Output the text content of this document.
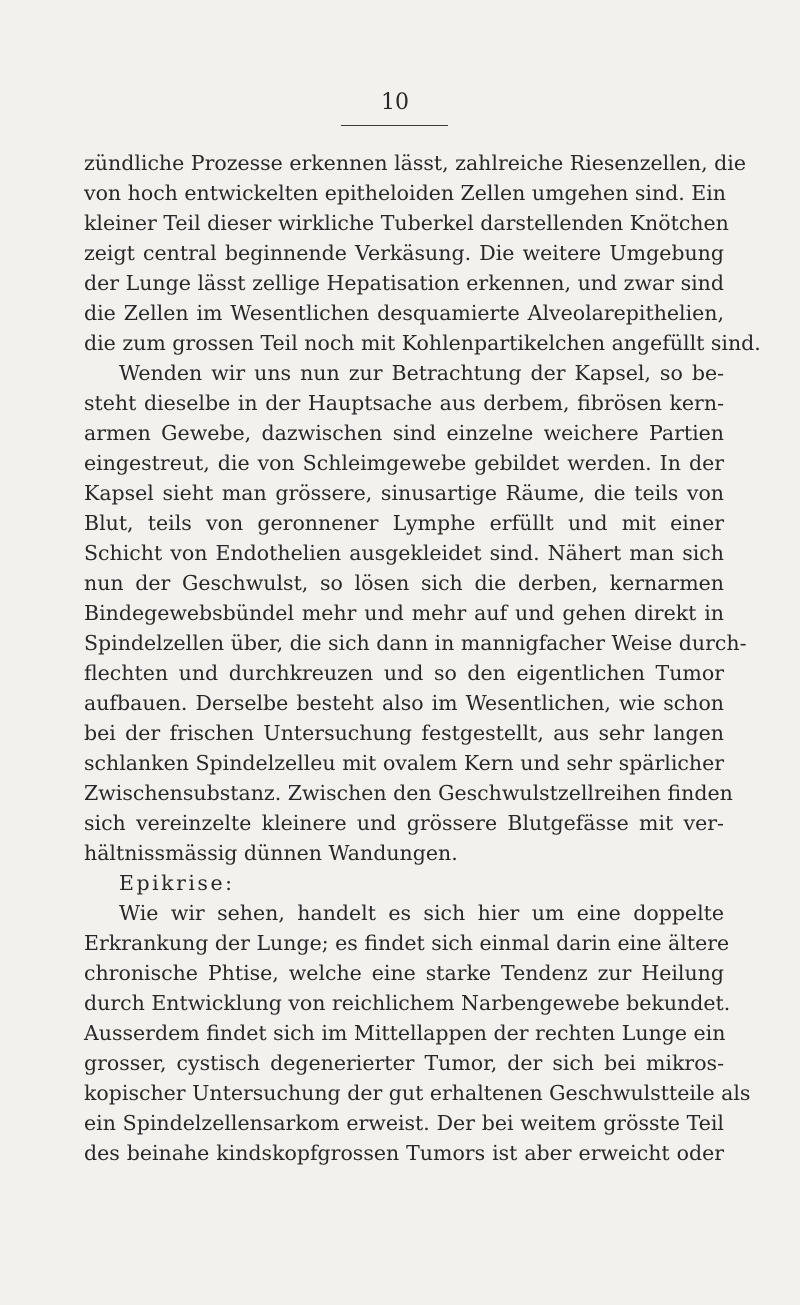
10
zündliche Prozesse erkennen lässt, zahlreiche Riesenzellen, die
von hoch entwickelten epitheloiden Zellen umgehen sind. Ein
kleiner Teil dieser wirkliche Tuberkel darstellenden Knötchen
zeigt central beginnende Verkäsung. Die weitere Umgebung
der Lunge lässt zellige Hepatisation erkennen, und zwar sind
die Zellen im Wesentlichen desquamierte Alveolarepithelien,
die zum grossen Teil noch mit Kohlenpartikelchen angefüllt sind.
Wenden wir uns nun zur Betrachtung der Kapsel, so be-
steht dieselbe in der Hauptsache aus derbem, fibrösen kern-
armen Gewebe, dazwischen sind einzelne weichere Partien
eingestreut, die von Schleimgewebe gebildet werden. In der
Kapsel sieht man grössere, sinusartige Räume, die teils von
Blut, teils von geronnener Lymphe erfüllt und mit einer
Schicht von Endothelien ausgekleidet sind. Nähert man sich
nun der Geschwulst, so lösen sich die derben, kernarmen
Bindegewebsbündel mehr und mehr auf und gehen direkt in
Spindelzellen über, die sich dann in mannigfacher Weise durch-
flechten und durchkreuzen und so den eigentlichen Tumor
aufbauen. Derselbe besteht also im Wesentlichen, wie schon
bei der frischen Untersuchung festgestellt, aus sehr langen
schlanken Spindelzelleu mit ovalem Kern und sehr spärlicher
Zwischensubstanz. Zwischen den Geschwulstzellreihen finden
sich vereinzelte kleinere und grössere Blutgefässe mit ver-
hältnissmässig dünnen Wandungen.
Epikrise:
Wie wir sehen, handelt es sich hier um eine doppelte
Erkrankung der Lunge; es findet sich einmal darin eine ältere
chronische Phtise, welche eine starke Tendenz zur Heilung
durch Entwicklung von reichlichem Narbengewebe bekundet.
Ausserdem findet sich im Mittellappen der rechten Lunge ein
grosser, cystisch degenerierter Tumor, der sich bei mikros-
kopischer Untersuchung der gut erhaltenen Geschwulstteile als
ein Spindelzellensarkom erweist. Der bei weitem grösste Teil
des beinahe kindskopfgrossen Tumors ist aber erweicht oder
